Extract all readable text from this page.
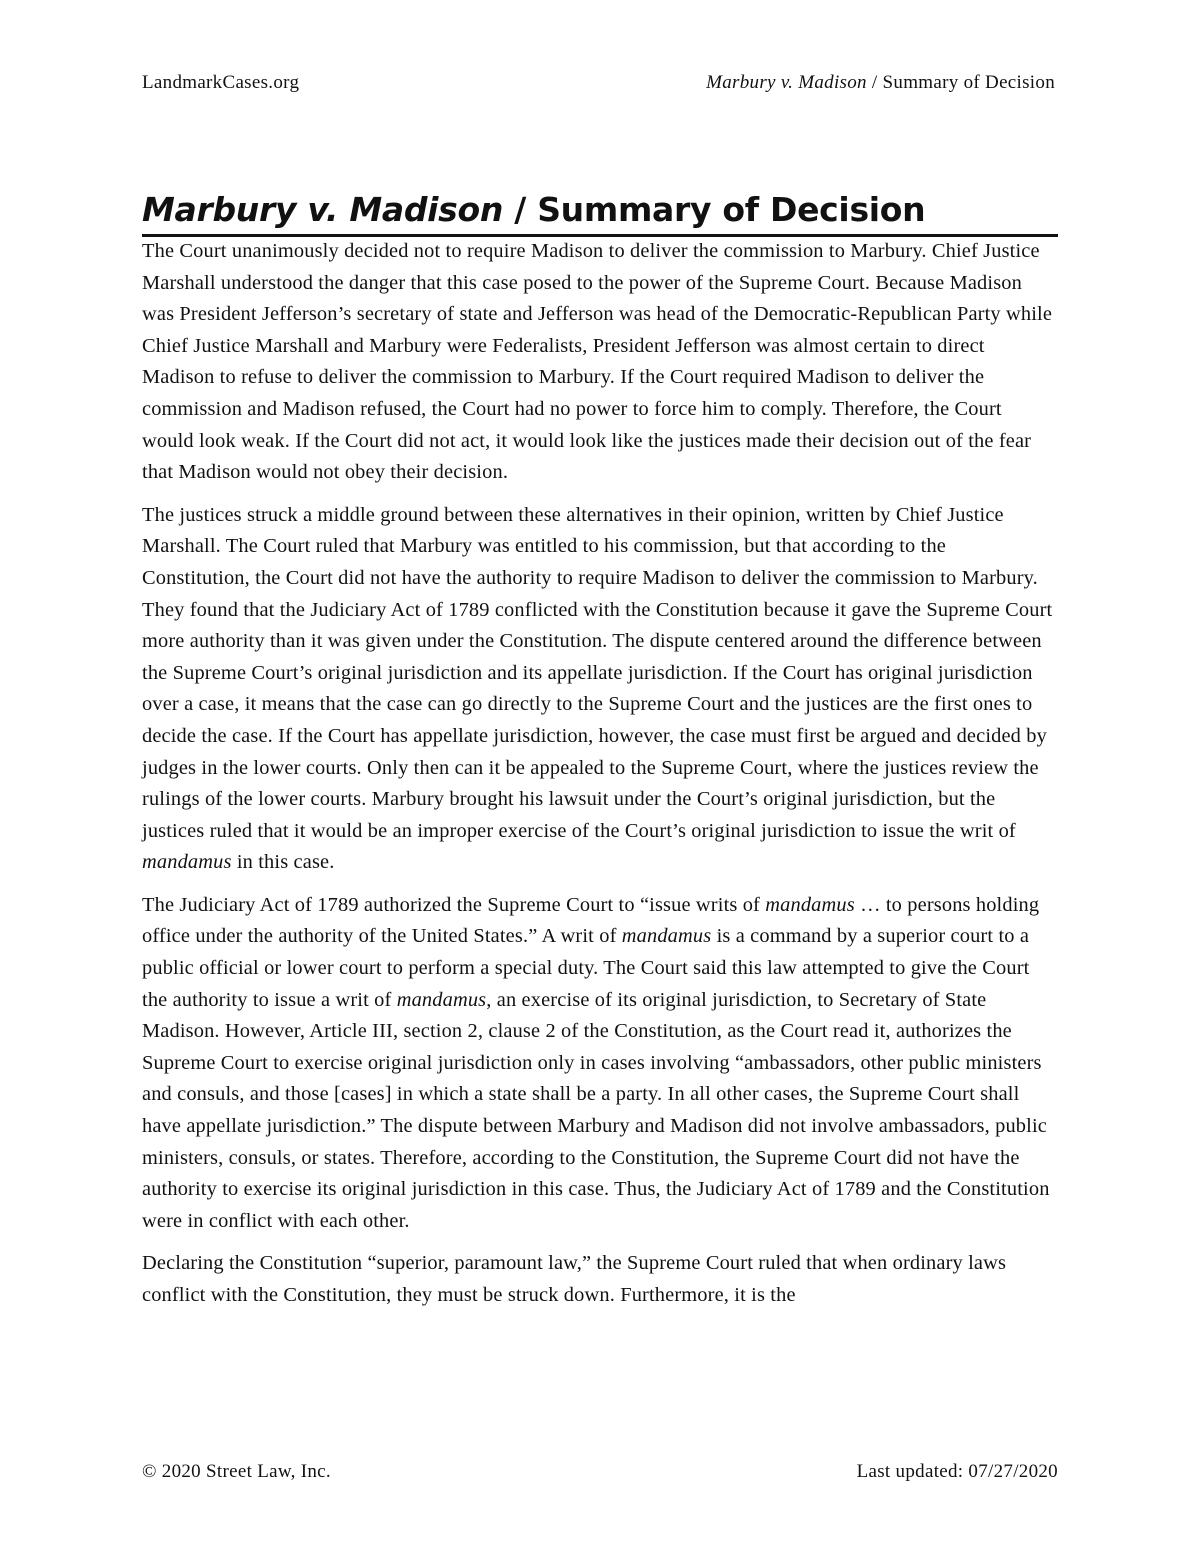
LandmarkCases.org	Marbury v. Madison / Summary of Decision
Marbury v. Madison / Summary of Decision

The Court unanimously decided not to require Madison to deliver the commission to Marbury. Chief Justice Marshall understood the danger that this case posed to the power of the Supreme Court. Because Madison was President Jefferson’s secretary of state and Jefferson was head of the Democratic-Republican Party while Chief Justice Marshall and Marbury were Federalists, President Jefferson was almost certain to direct Madison to refuse to deliver the commission to Marbury. If the Court required Madison to deliver the commission and Madison refused, the Court had no power to force him to comply. Therefore, the Court would look weak. If the Court did not act, it would look like the justices made their decision out of the fear that Madison would not obey their decision.

The justices struck a middle ground between these alternatives in their opinion, written by Chief Justice Marshall. The Court ruled that Marbury was entitled to his commission, but that according to the Constitution, the Court did not have the authority to require Madison to deliver the commission to Marbury. They found that the Judiciary Act of 1789 conflicted with the Constitution because it gave the Supreme Court more authority than it was given under the Constitution. The dispute centered around the difference between the Supreme Court’s original jurisdiction and its appellate jurisdiction. If the Court has original jurisdiction over a case, it means that the case can go directly to the Supreme Court and the justices are the first ones to decide the case. If the Court has appellate jurisdiction, however, the case must first be argued and decided by judges in the lower courts. Only then can it be appealed to the Supreme Court, where the justices review the rulings of the lower courts. Marbury brought his lawsuit under the Court’s original jurisdiction, but the justices ruled that it would be an improper exercise of the Court’s original jurisdiction to issue the writ of mandamus in this case.

The Judiciary Act of 1789 authorized the Supreme Court to “issue writs of mandamus … to persons holding office under the authority of the United States.” A writ of mandamus is a command by a superior court to a public official or lower court to perform a special duty. The Court said this law attempted to give the Court the authority to issue a writ of mandamus, an exercise of its original jurisdiction, to Secretary of State Madison. However, Article III, section 2, clause 2 of the Constitution, as the Court read it, authorizes the Supreme Court to exercise original jurisdiction only in cases involving “ambassadors, other public ministers and consuls, and those [cases] in which a state shall be a party. In all other cases, the Supreme Court shall have appellate jurisdiction.” The dispute between Marbury and Madison did not involve ambassadors, public ministers, consuls, or states. Therefore, according to the Constitution, the Supreme Court did not have the authority to exercise its original jurisdiction in this case. Thus, the Judiciary Act of 1789 and the Constitution were in conflict with each other.

Declaring the Constitution “superior, paramount law,” the Supreme Court ruled that when ordinary laws conflict with the Constitution, they must be struck down. Furthermore, it is the

© 2020 Street Law, Inc.	Last updated: 07/27/2020
